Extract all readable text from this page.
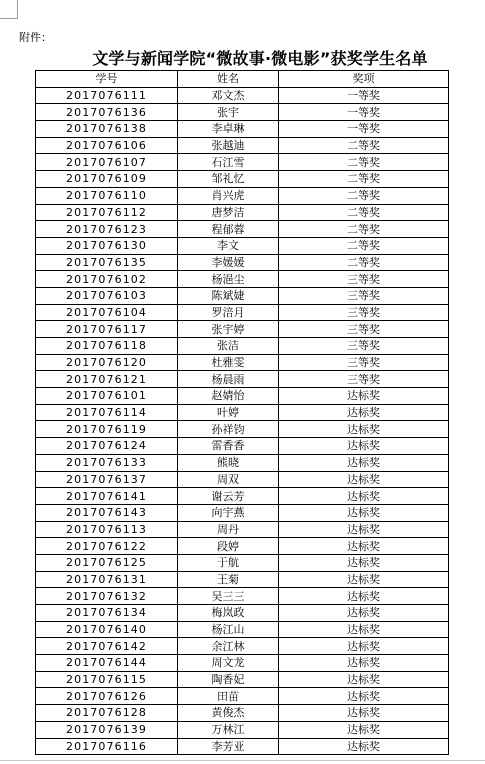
附件：
文学与新闻学院“微故事·微电影”获奖学生名单
学号	姓名	奖项
2017076111	邓文杰	一等奖
2017076136	张宇	一等奖
2017076138	李卓琳	一等奖
2017076106	张越迪	二等奖
2017076107	石江雪	二等奖
2017076109	邹礼忆	二等奖
2017076110	肖兴虎	二等奖
2017076112	唐梦洁	二等奖
2017076123	程郁蓉	二等奖
2017076130	李文	二等奖
2017076135	李媛媛	二等奖
2017076102	杨浥尘	三等奖
2017076103	陈斌婕	三等奖
2017076104	罗涪月	三等奖
2017076117	张宇婷	三等奖
2017076118	张洁	三等奖
2017076120	杜雅雯	三等奖
2017076121	杨晨雨	三等奖
2017076101	赵婧怡	达标奖
2017076114	叶婷	达标奖
2017076119	孙祥钧	达标奖
2017076124	雷香香	达标奖
2017076133	熊晓	达标奖
2017076137	周双	达标奖
2017076141	谢云芳	达标奖
2017076143	向宇燕	达标奖
2017076113	周丹	达标奖
2017076122	段婷	达标奖
2017076125	于航	达标奖
2017076131	王菊	达标奖
2017076132	吴三三	达标奖
2017076134	梅岚政	达标奖
2017076140	杨江山	达标奖
2017076142	余江林	达标奖
2017076144	周文龙	达标奖
2017076115	陶香妃	达标奖
2017076126	田苗	达标奖
2017076128	黄俊杰	达标奖
2017076139	万林江	达标奖
2017076116	李芳亚	达标奖
